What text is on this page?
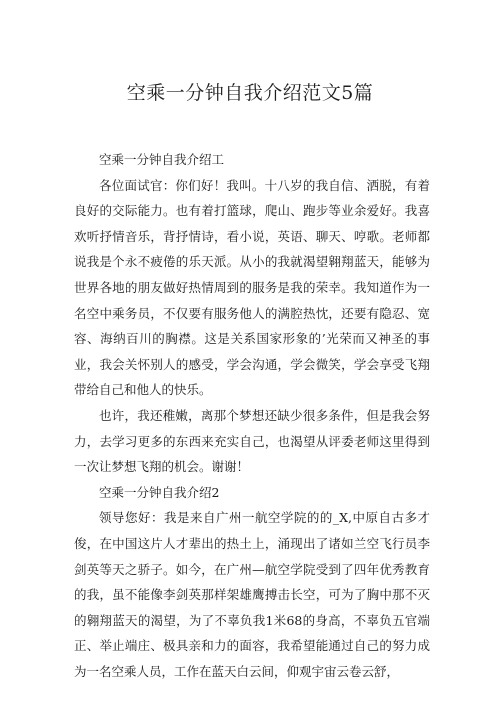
空乘一分钟自我介绍范文5篇

空乘一分钟自我介绍工

各位面试官：你们好！我叫。十八岁的我自信、洒脱，有着良好的交际能力。也有着打篮球，爬山、跑步等业余爱好。我喜欢听抒情音乐，背抒情诗，看小说，英语、聊天、哼歌。老师都说我是个永不疲倦的乐天派。从小的我就渴望翱翔蓝天，能够为世界各地的朋友做好热情周到的服务是我的荣幸。我知道作为一名空中乘务员，不仅要有服务他人的满腔热忱，还要有隐忍、宽容、海纳百川的胸襟。这是关系国家形象的’光荣而又神圣的事业，我会关怀别人的感受，学会沟通，学会微笑，学会享受飞翔带给自己和他人的快乐。

也许，我还稚嫩，离那个梦想还缺少很多条件，但是我会努力，去学习更多的东西来充实自己，也渴望从评委老师这里得到一次让梦想飞翔的机会。谢谢！

空乘一分钟自我介绍2

领导您好：我是来自广州一航空学院的的_X,中原自古多才俊，在中国这片人才辈出的热土上，涌现出了诸如兰空飞行员李剑英等天之骄子。如今，在广州—航空学院受到了四年优秀教育的我，虽不能像李剑英那样架雄鹰搏击长空，可为了胸中那不灭的翱翔蓝天的渴望，为了不辜负我1米68的身高，不辜负五官端正、举止端庄、极具亲和力的面容，我希望能通过自己的努力成为一名空乘人员，工作在蓝天白云间，仰观宇宙云卷云舒，
